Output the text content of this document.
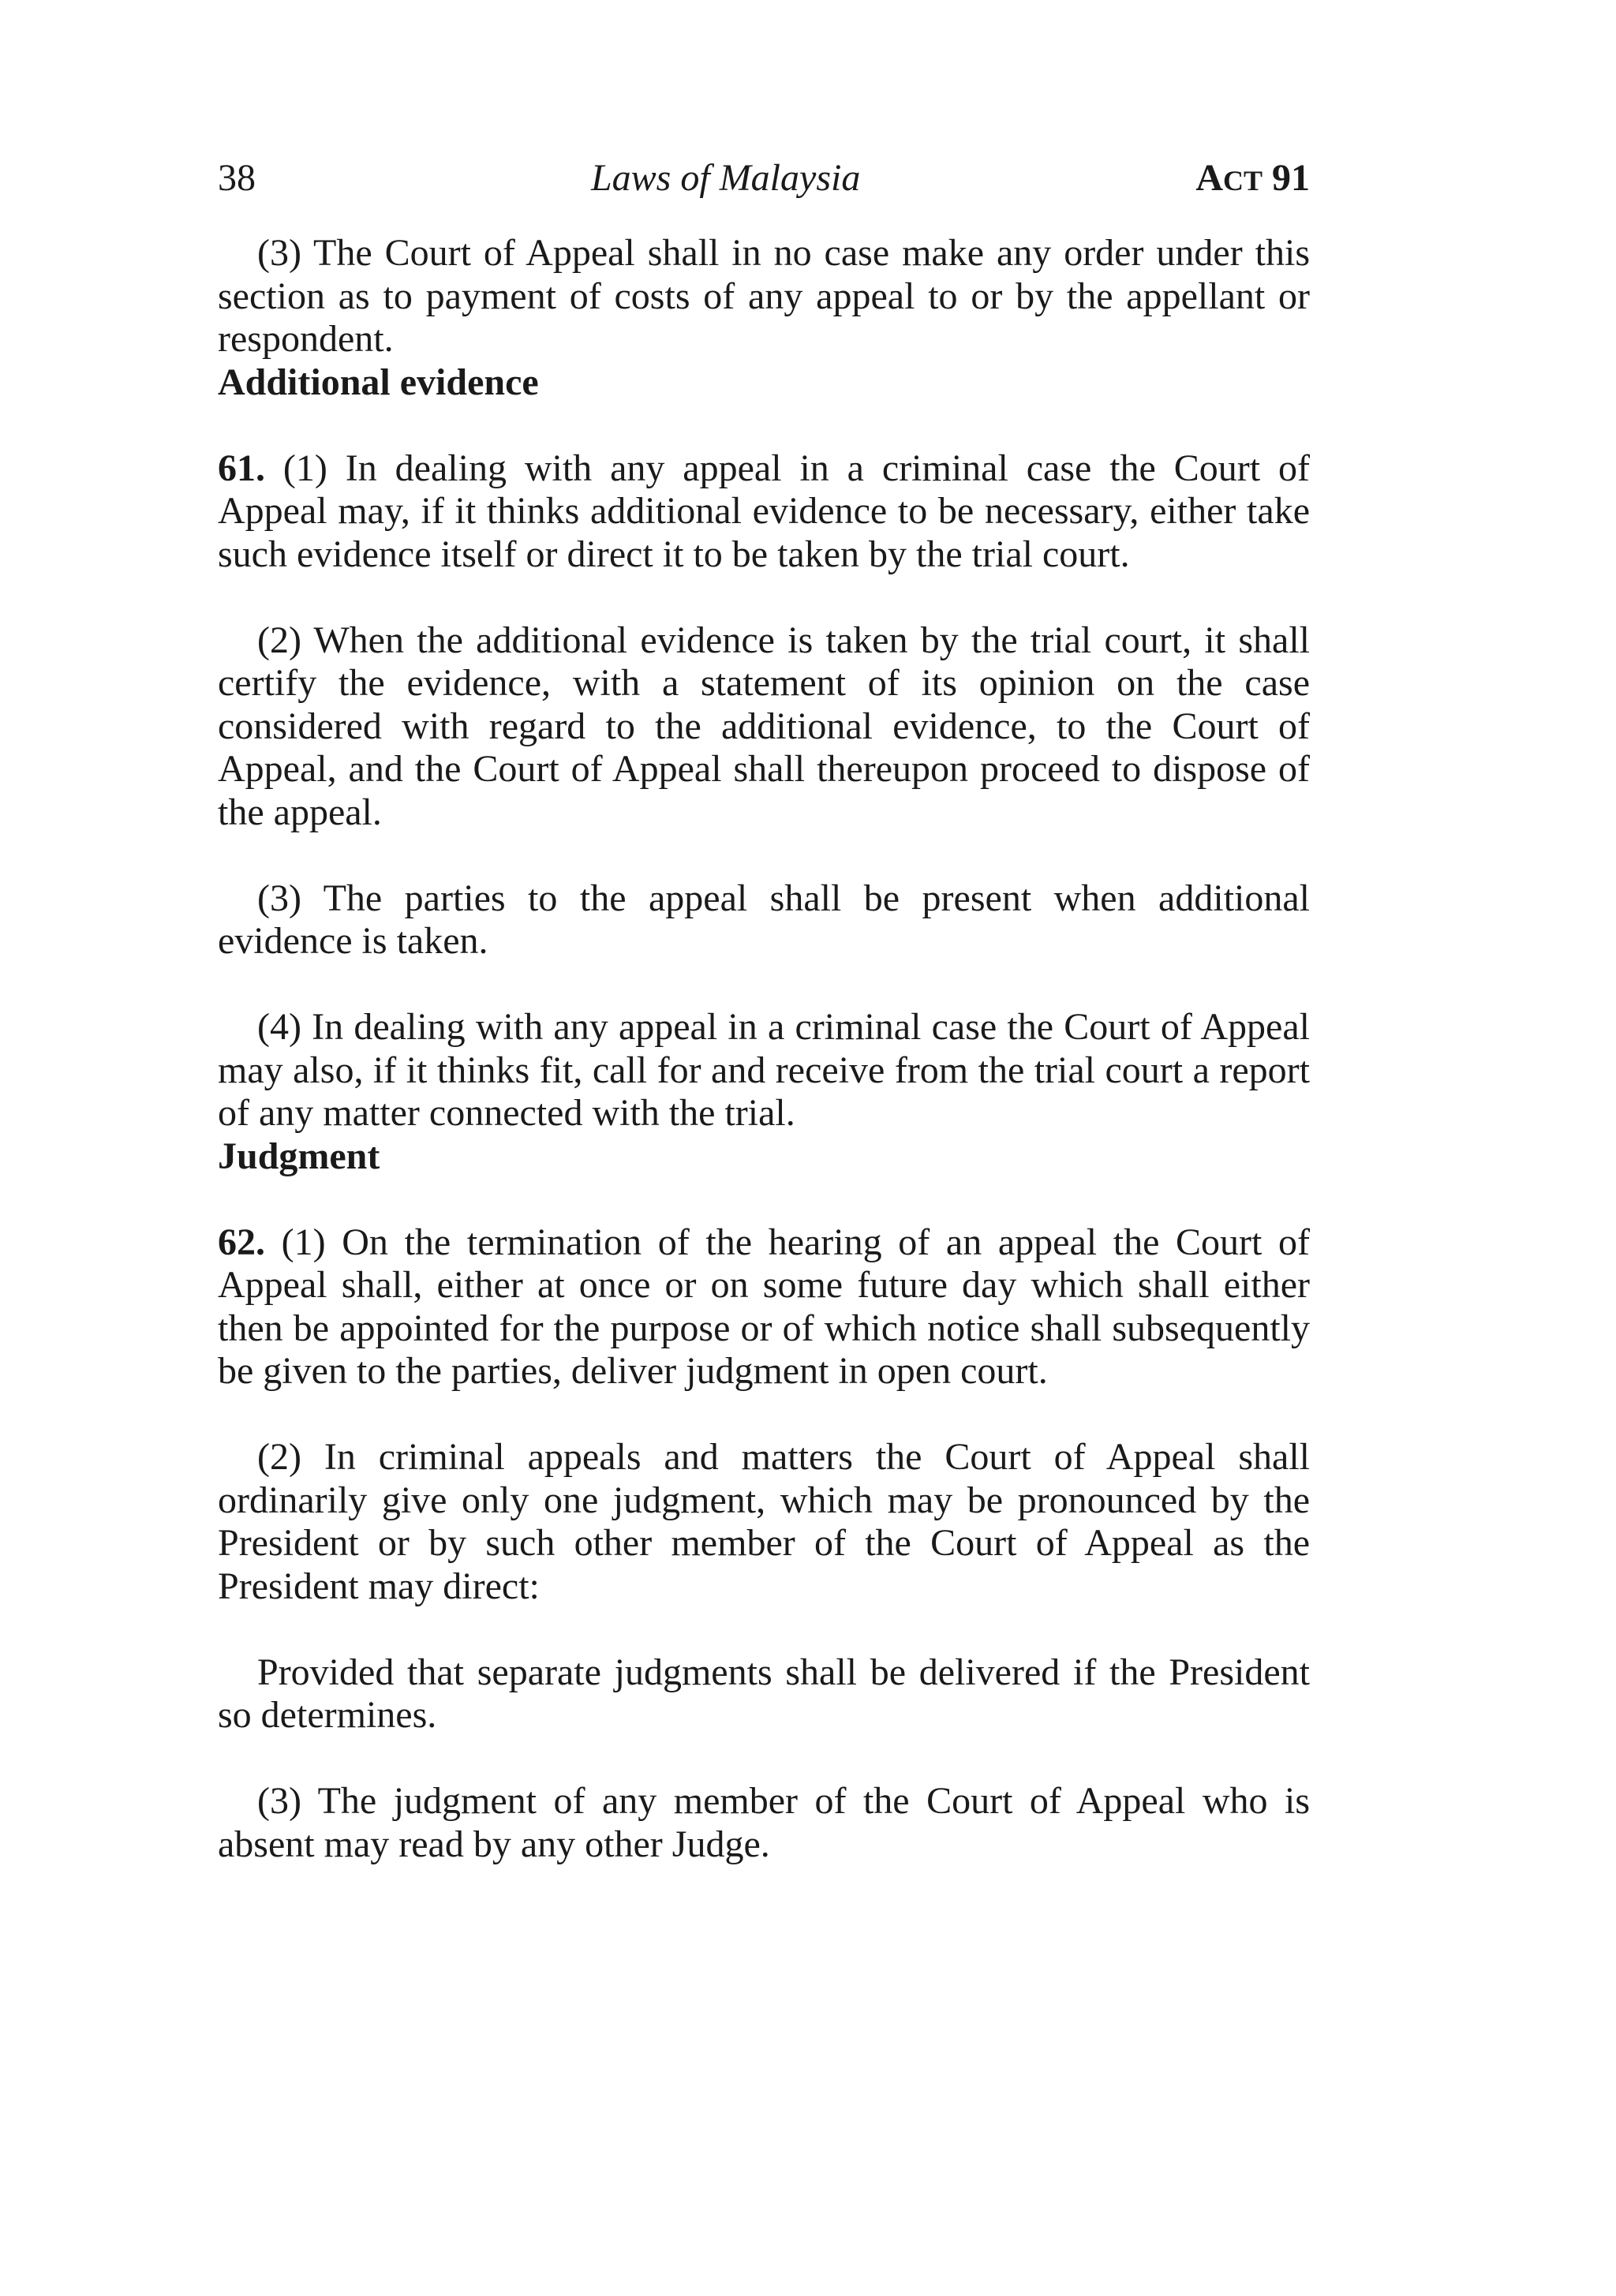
38	Laws of Malaysia	ACT 91

(3) The Court of Appeal shall in no case make any order under this section as to payment of costs of any appeal to or by the appellant or respondent.

Additional evidence

61. (1) In dealing with any appeal in a criminal case the Court of Appeal may, if it thinks additional evidence to be necessary, either take such evidence itself or direct it to be taken by the trial court.

(2) When the additional evidence is taken by the trial court, it shall certify the evidence, with a statement of its opinion on the case considered with regard to the additional evidence, to the Court of Appeal, and the Court of Appeal shall thereupon proceed to dispose of the appeal.

(3) The parties to the appeal shall be present when additional evidence is taken.

(4) In dealing with any appeal in a criminal case the Court of Appeal may also, if it thinks fit, call for and receive from the trial court a report of any matter connected with the trial.

Judgment

62. (1) On the termination of the hearing of an appeal the Court of Appeal shall, either at once or on some future day which shall either then be appointed for the purpose or of which notice shall subsequently be given to the parties, deliver judgment in open court.

(2) In criminal appeals and matters the Court of Appeal shall ordinarily give only one judgment, which may be pronounced by the President or by such other member of the Court of Appeal as the President may direct:

Provided that separate judgments shall be delivered if the President so determines.

(3) The judgment of any member of the Court of Appeal who is absent may read by any other Judge.
